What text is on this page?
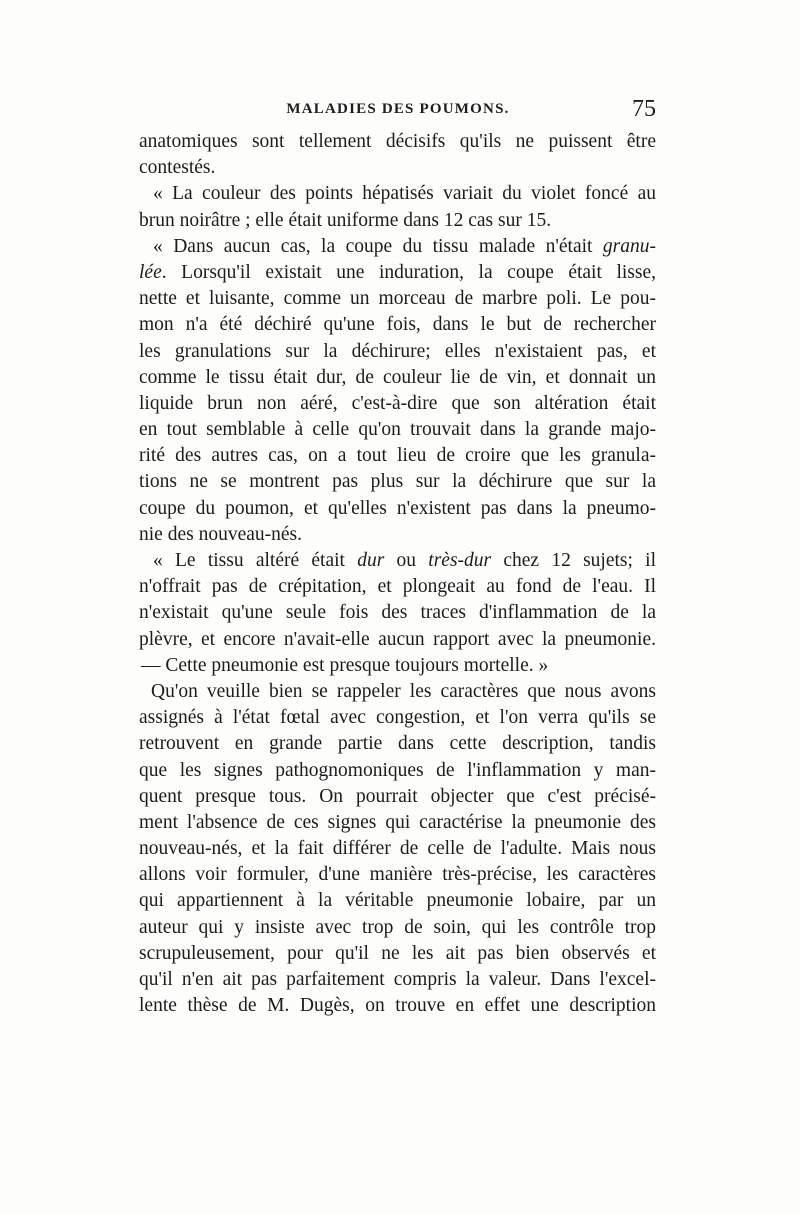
MALADIES DES POUMONS.	75
anatomiques sont tellement décisifs qu'ils ne puissent être
contestés.
« La couleur des points hépatisés variait du violet foncé au
brun noirâtre ; elle était uniforme dans 12 cas sur 15.
« Dans aucun cas, la coupe du tissu malade n'était granu-
lée. Lorsqu'il existait une induration, la coupe était lisse,
nette et luisante, comme un morceau de marbre poli. Le pou-
mon n'a été déchiré qu'une fois, dans le but de rechercher
les granulations sur la déchirure; elles n'existaient pas, et
comme le tissu était dur, de couleur lie de vin, et donnait un
liquide brun non aéré, c'est-à-dire que son altération était
en tout semblable à celle qu'on trouvait dans la grande majo-
rité des autres cas, on a tout lieu de croire que les granula-
tions ne se montrent pas plus sur la déchirure que sur la
coupe du poumon, et qu'elles n'existent pas dans la pneumo-
nie des nouveau-nés.
« Le tissu altéré était dur ou très-dur chez 12 sujets; il
n'offrait pas de crépitation, et plongeait au fond de l'eau. Il
n'existait qu'une seule fois des traces d'inflammation de la
plèvre, et encore n'avait-elle aucun rapport avec la pneumonie.
— Cette pneumonie est presque toujours mortelle. »
Qu'on veuille bien se rappeler les caractères que nous avons
assignés à l'état fœtal avec congestion, et l'on verra qu'ils se
retrouvent en grande partie dans cette description, tandis
que les signes pathognomoniques de l'inflammation y man-
quent presque tous. On pourrait objecter que c'est précisé-
ment l'absence de ces signes qui caractérise la pneumonie des
nouveau-nés, et la fait différer de celle de l'adulte. Mais nous
allons voir formuler, d'une manière très-précise, les caractères
qui appartiennent à la véritable pneumonie lobaire, par un
auteur qui y insiste avec trop de soin, qui les contrôle trop
scrupuleusement, pour qu'il ne les ait pas bien observés et
qu'il n'en ait pas parfaitement compris la valeur. Dans l'excel-
lente thèse de M. Dugès, on trouve en effet une description
